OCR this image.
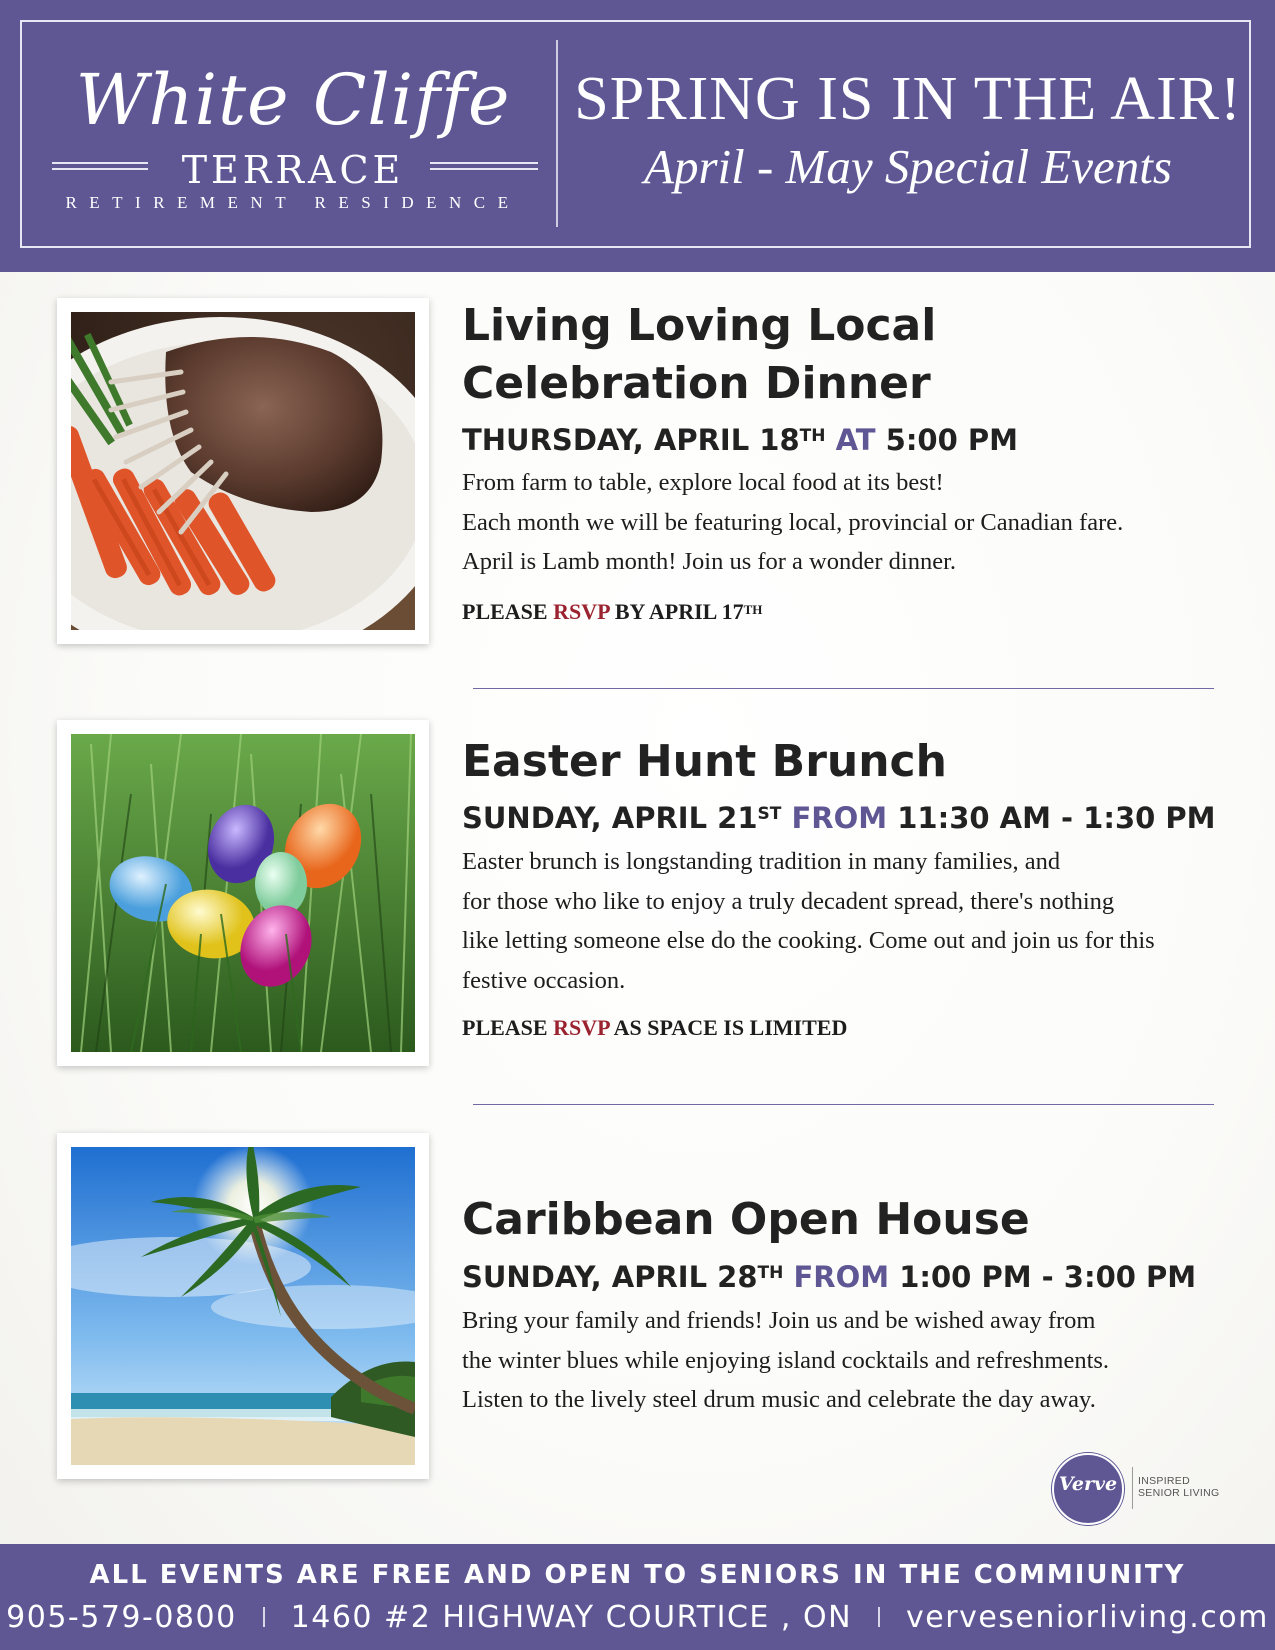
White Cliffe
TERRACE
RETIREMENT RESIDENCE
SPRING IS IN THE AIR!
April - May Special Events
Living Loving Local
Celebration Dinner
THURSDAY, APRIL 18TH AT 5:00 PM
From farm to table, explore local food at its best!
Each month we will be featuring local, provincial or Canadian fare.
April is Lamb month! Join us for a wonder dinner.
PLEASE RSVP BY APRIL 17TH
Easter Hunt Brunch
SUNDAY, APRIL 21ST FROM 11:30 AM - 1:30 PM
Easter brunch is longstanding tradition in many families, and
for those who like to enjoy a truly decadent spread, there's nothing
like letting someone else do the cooking. Come out and join us for this
festive occasion.
PLEASE RSVP AS SPACE IS LIMITED
Caribbean Open House
SUNDAY, APRIL 28TH FROM 1:00 PM - 3:00 PM
Bring your family and friends! Join us and be wished away from
the winter blues while enjoying island cocktails and refreshments.
Listen to the lively steel drum music and celebrate the day away.
Verve	INSPIRED
SENIOR LIVING
ALL EVENTS ARE FREE AND OPEN TO SENIORS IN THE COMMIUNITY
905-579-0800 1460 #2 HIGHWAY COURTICE , ON verveseniorliving.com
